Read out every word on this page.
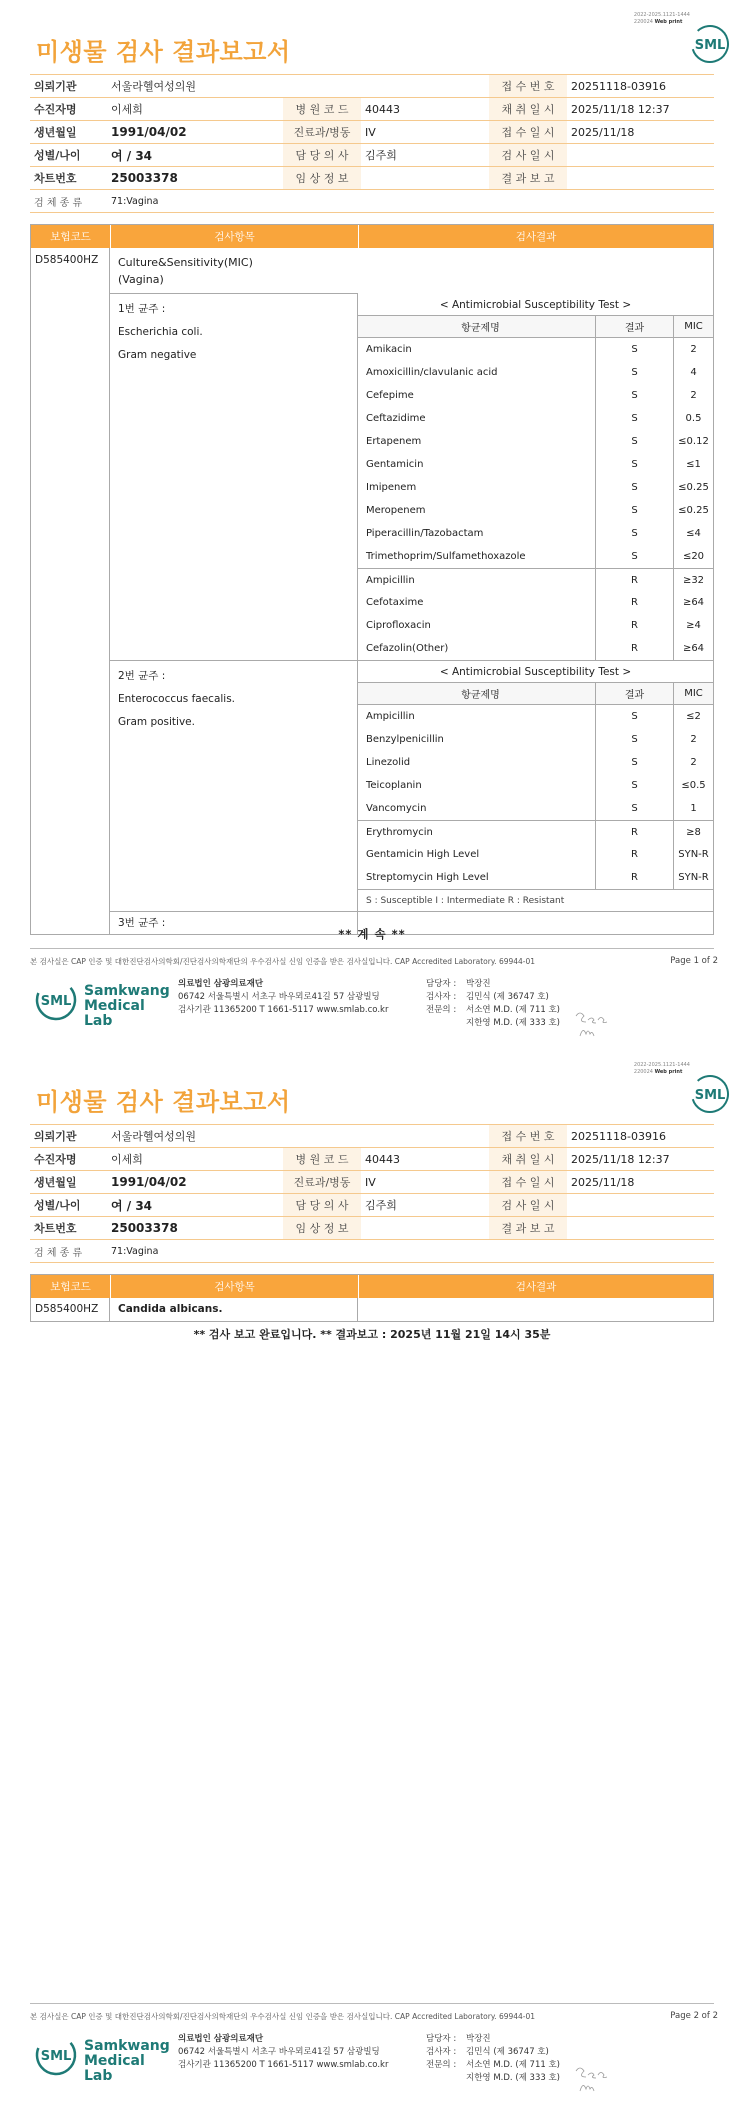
2022-2025.1121-1444
220024 Web print
미생물 검사 결과보고서	SML
의뢰기관	서울라헬여성의원			접 수 번 호	20251118-03916
수진자명	이세희	병 원 코 드	40443	채 취 일 시	2025/11/18 12:37
생년월일	1991/04/02	진료과/병동	IV	접 수 일 시	2025/11/18
성별/나이	여 / 34	담 당 의 사	김주희	검 사 일 시	
차트번호	25003378	임 상 정 보		결 과 보 고	
검 체 종 류	71:Vagina				
보험코드	검사항목	검사결과
D585400HZ	Culture&Sensitivity(MIC)
(Vagina)
1번 균주 :
Escherichia coli.
Gram negative
< Antimicrobial Susceptibility Test >
항균제명	결과	MIC
Amikacin	S	2
Amoxicillin/clavulanic acid	S	4
Cefepime	S	2
Ceftazidime	S	0.5
Ertapenem	S	≤0.12
Gentamicin	S	≤1
Imipenem	S	≤0.25
Meropenem	S	≤0.25
Piperacillin/Tazobactam	S	≤4
Trimethoprim/Sulfamethoxazole	S	≤20
Ampicillin	R	≥32
Cefotaxime	R	≥64
Ciprofloxacin	R	≥4
Cefazolin(Other)	R	≥64
2번 균주 :
Enterococcus faecalis.
Gram positive.
< Antimicrobial Susceptibility Test >
항균제명	결과	MIC
Ampicillin	S	≤2
Benzylpenicillin	S	2
Linezolid	S	2
Teicoplanin	S	≤0.5
Vancomycin	S	1
Erythromycin	R	≥8
Gentamicin High Level	R	SYN-R
Streptomycin High Level	R	SYN-R
S : Susceptible I : Intermediate R : Resistant
3번 균주 :
** 계 속 **
본 검사실은 CAP 인증 및 대한진단검사의학회/진단검사의학재단의 우수검사실 신임 인증을 받은 검사실입니다. CAP Accredited Laboratory. 69944-01	Page 1 of 2
SML
Samkwang
Medical Lab
의료법인 삼광의료재단
06742 서울특별시 서초구 바우뫼로41길 57 삼광빌딩
검사기관 11365200 T 1661-5117 www.smlab.co.kr
담당자 : 박장진
검사자 : 김민식 (제 36747 호)
전문의 : 서소연 M.D. (제 711 호)
지한영 M.D. (제 333 호)
2022-2025.1121-1444
220024 Web print
미생물 검사 결과보고서	SML
의뢰기관	서울라헬여성의원			접 수 번 호	20251118-03916
수진자명	이세희	병 원 코 드	40443	채 취 일 시	2025/11/18 12:37
생년월일	1991/04/02	진료과/병동	IV	접 수 일 시	2025/11/18
성별/나이	여 / 34	담 당 의 사	김주희	검 사 일 시	
차트번호	25003378	임 상 정 보		결 과 보 고	
검 체 종 류	71:Vagina				
보험코드	검사항목	검사결과
D585400HZ	Candida albicans.
** 검사 보고 완료입니다. ** 결과보고 : 2025년 11월 21일 14시 35분
본 검사실은 CAP 인증 및 대한진단검사의학회/진단검사의학재단의 우수검사실 신임 인증을 받은 검사실입니다. CAP Accredited Laboratory. 69944-01	Page 2 of 2
SML
Samkwang
Medical Lab
의료법인 삼광의료재단
06742 서울특별시 서초구 바우뫼로41길 57 삼광빌딩
검사기관 11365200 T 1661-5117 www.smlab.co.kr
담당자 : 박장진
검사자 : 김민식 (제 36747 호)
전문의 : 서소연 M.D. (제 711 호)
지한영 M.D. (제 333 호)
